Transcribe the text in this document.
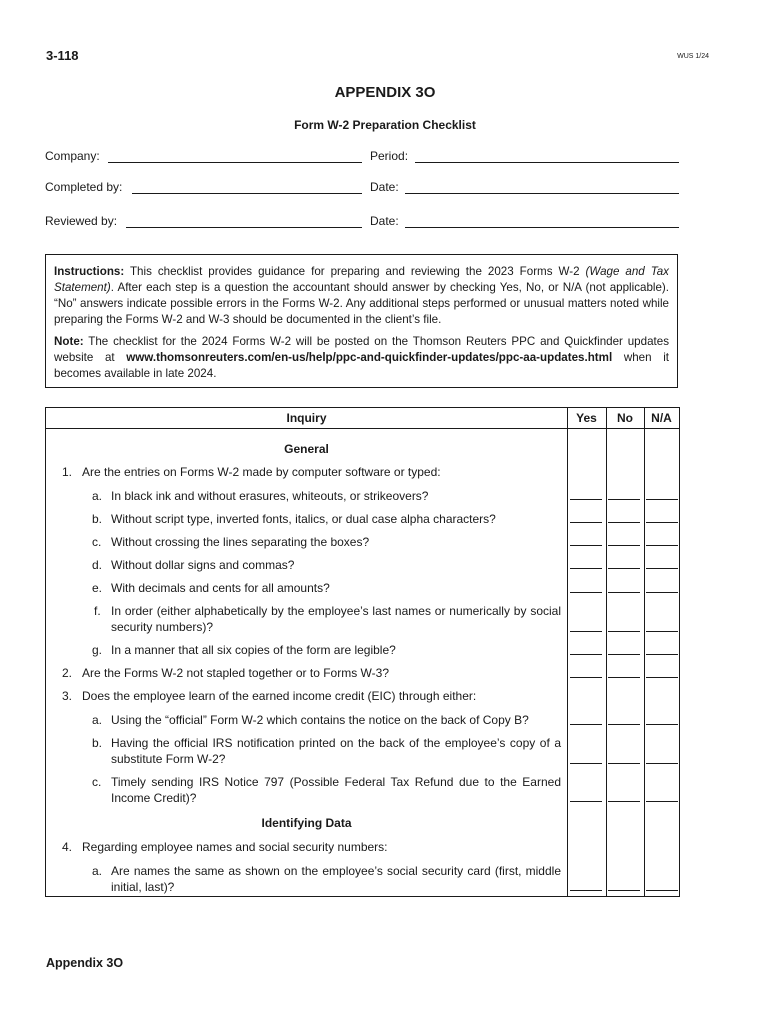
3-118	WUS 1/24
APPENDIX 3O
Form W-2 Preparation Checklist
Company:	Period:
Completed by:	Date:
Reviewed by:	Date:

Instructions: This checklist provides guidance for preparing and reviewing the 2023 Forms W-2 (Wage and Tax Statement). After each step is a question the accountant should answer by checking Yes, No, or N/A (not applicable). “No” answers indicate possible errors in the Forms W-2. Any additional steps performed or unusual matters noted while preparing the Forms W-2 and W-3 should be documented in the client’s file.

Note: The checklist for the 2024 Forms W-2 will be posted on the Thomson Reuters PPC and Quickfinder updates website at www.thomsonreuters.com/en-us/help/ppc-and-quickfinder-updates/ppc-aa-updates.html when it becomes available in late 2024.

Inquiry	Yes	No	N/A
General
1. Are the entries on Forms W-2 made by computer software or typed:
a. In black ink and without erasures, whiteouts, or strikeovers?
b. Without script type, inverted fonts, italics, or dual case alpha characters?
c. Without crossing the lines separating the boxes?
d. Without dollar signs and commas?
e. With decimals and cents for all amounts?
f. In order (either alphabetically by the employee’s last names or numerically by social security numbers)?
g. In a manner that all six copies of the form are legible?
2. Are the Forms W-2 not stapled together or to Forms W-3?
3. Does the employee learn of the earned income credit (EIC) through either:
a. Using the “official” Form W-2 which contains the notice on the back of Copy B?
b. Having the official IRS notification printed on the back of the employee’s copy of a substitute Form W-2?
c. Timely sending IRS Notice 797 (Possible Federal Tax Refund due to the Earned Income Credit)?
Identifying Data
4. Regarding employee names and social security numbers:
a. Are names the same as shown on the employee’s social security card (first, middle initial, last)?
Appendix 3O
